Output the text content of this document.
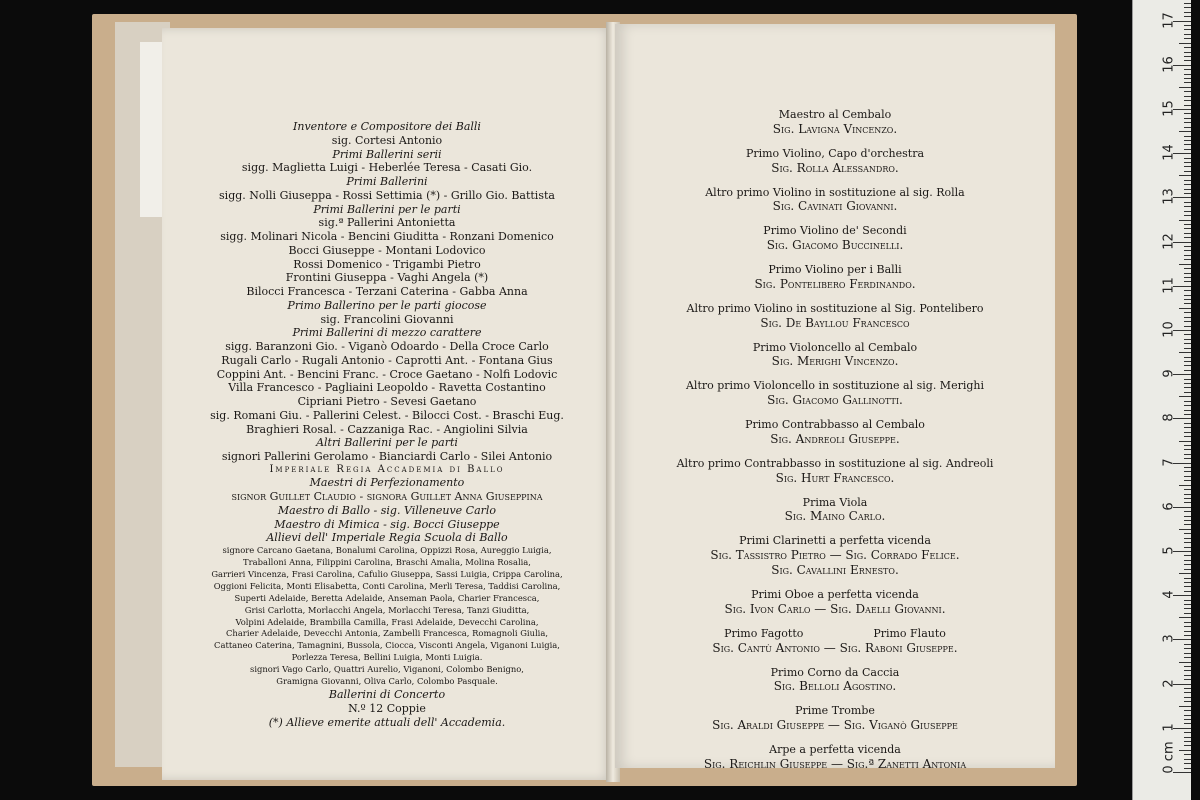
Inventore e Compositore dei Balli
sig. Cortesi Antonio
Primi Ballerini serii
sigg. Maglietta Luigi - Heberlée Teresa - Casati Gio.
Primi Ballerini
sigg. Nolli Giuseppa - Rossi Settimia (*) - Grillo Gio. Battista
Primi Ballerini per le parti
sig.ª Pallerini Antonietta
sigg. Molinari Nicola - Bencini Giuditta - Ronzani Domenico
Bocci Giuseppe - Montani Lodovico
Rossi Domenico - Trigambi Pietro
Frontini Giuseppa - Vaghi Angela (*)
Bilocci Francesca - Terzani Caterina - Gabba Anna
Primo Ballerino per le parti giocose
sig. Francolini Giovanni
Primi Ballerini di mezzo carattere
sigg. Baranzoni Gio. - Viganò Odoardo - Della Croce Carlo
Rugali Carlo - Rugali Antonio - Caprotti Ant. - Fontana Gius
Coppini Ant. - Bencini Franc. - Croce Gaetano - Nolfi Lodovic
Villa Francesco - Pagliaini Leopoldo - Ravetta Costantino
Cipriani Pietro - Sevesi Gaetano
sig. Romani Giu. - Pallerini Celest. - Bilocci Cost. - Braschi Eug.
Braghieri Rosal. - Cazzaniga Rac. - Angiolini Silvia
Altri Ballerini per le parti
signori Pallerini Gerolamo - Bianciardi Carlo - Silei Antonio
Imperiale Regia Accademia di Ballo
Maestri di Perfezionamento
signor Guillet Claudio - signora Guillet Anna Giuseppina
Maestro di Ballo - sig. Villeneuve Carlo
Maestro di Mimica - sig. Bocci Giuseppe
Allievi dell' Imperiale Regia Scuola di Ballo
signore Carcano Gaetana, Bonalumi Carolina, Oppizzi Rosa, Aureggio Luigia,
Traballoni Anna, Filippini Carolina, Braschi Amalia, Molina Rosalia,
Garrieri Vincenza, Frasi Carolina, Cafulio Giuseppa, Sassi Luigia, Crippa Carolina,
Oggioni Felicita, Monti Elisabetta, Conti Carolina, Merli Teresa, Taddisi Carolina,
Superti Adelaide, Beretta Adelaide, Anseman Paola, Charier Francesca,
Grisi Carlotta, Morlacchi Angela, Morlacchi Teresa, Tanzi Giuditta,
Volpini Adelaide, Brambilla Camilla, Frasi Adelaide, Devecchi Carolina,
Charier Adelaide, Devecchi Antonia, Zambelli Francesca, Romagnoli Giulia,
Cattaneo Caterina, Tamagnini, Bussola, Ciocca, Visconti Angela, Viganoni Luigia,
Porlezza Teresa, Bellini Luigia, Monti Luigia.
signori Vago Carlo, Quattri Aurelio, Viganoni, Colombo Benigno,
Gramigna Giovanni, Oliva Carlo, Colombo Pasquale.
Ballerini di Concerto
N.º 12 Coppie
(*) Allieve emerite attuali dell' Accademia.
Maestro al Cembalo
Sig. Lavigna Vincenzo.
Primo Violino, Capo d'orchestra
Sig. Rolla Alessandro.
Altro primo Violino in sostituzione al sig. Rolla
Sig. Cavinati Giovanni.
Primo Violino de' Secondi
Sig. Giacomo Buccinelli.
Primo Violino per i Balli
Sig. Pontelibero Ferdinando.
Altro primo Violino in sostituzione al Sig. Pontelibero
Sig. De Bayllou Francesco
Primo Violoncello al Cembalo
Sig. Merighi Vincenzo.
Altro primo Violoncello in sostituzione al sig. Merighi
Sig. Giacomo Gallinotti.
Primo Contrabbasso al Cembalo
Sig. Andreoli Giuseppe.
Altro primo Contrabbasso in sostituzione al sig. Andreoli
Sig. Hurt Francesco.
Prima Viola
Sig. Maino Carlo.
Primi Clarinetti a perfetta vicenda
Sig. Tassistro Pietro — Sig. Corrado Felice.
Sig. Cavallini Ernesto.
Primi Oboe a perfetta vicenda
Sig. Ivon Carlo — Sig. Daelli Giovanni.
Primo Fagotto                    Primo Flauto
Sig. Cantù Antonio — Sig. Raboni Giuseppe.
Primo Corno da Caccia
Sig. Belloli Agostino.
Prime Trombe
Sig. Araldi Giuseppe — Sig. Viganò Giuseppe
Arpe a perfetta vicenda
Sig. Reichlin Giuseppe — Sig.ª Zanetti Antonia	0 cm
1
2
3
4
5
6
7
8
9
10
11
12
13
14
15
16
17
